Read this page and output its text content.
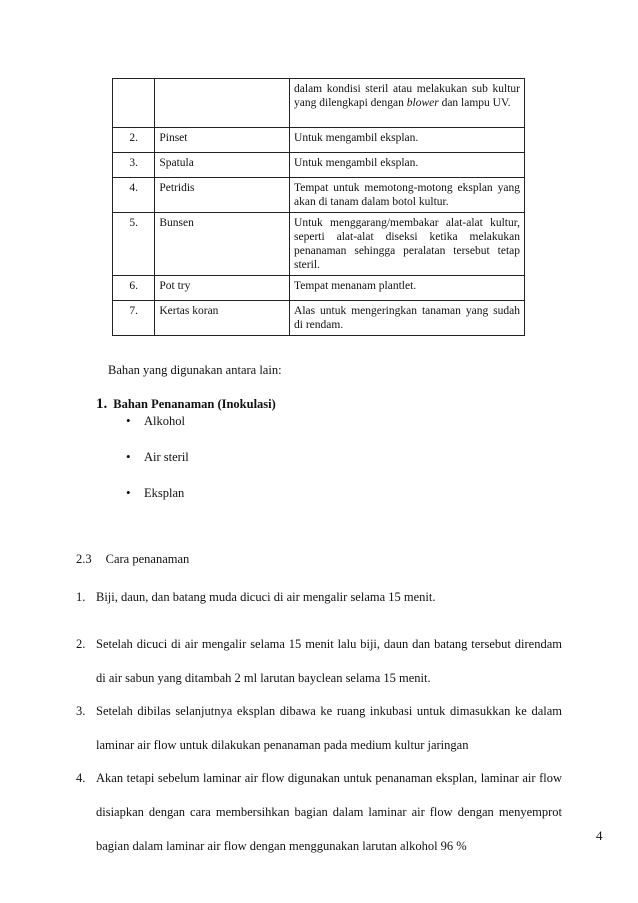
		dalam kondisi steril atau melakukan sub kultur yang dilengkapi dengan blower dan lampu UV.
2.	Pinset	Untuk mengambil eksplan.
3.	Spatula	Untuk mengambil eksplan.
4.	Petridis	Tempat untuk memotong-motong eksplan yang akan di tanam dalam botol kultur.
5.	Bunsen	Untuk menggarang/membakar alat-alat kultur, seperti alat-alat diseksi ketika melakukan penanaman sehingga peralatan tersebut tetap steril.
6.	Pot try	Tempat menanam plantlet.
7.	Kertas koran	Alas untuk mengeringkan tanaman yang sudah di rendam.
Bahan yang digunakan antara lain:
1. Bahan Penanaman (Inokulasi)
• Alkohol
• Air steril
• Eksplan
2.3 Cara penanaman
1. Biji, daun, dan batang muda dicuci di air mengalir selama 15 menit.
2. Setelah dicuci di air mengalir selama 15 menit lalu biji, daun dan batang tersebut direndam di air sabun yang ditambah 2 ml larutan bayclean selama 15 menit.
3. Setelah dibilas selanjutnya eksplan dibawa ke ruang inkubasi untuk dimasukkan ke dalam laminar air flow untuk dilakukan penanaman pada medium kultur jaringan
4. Akan tetapi sebelum laminar air flow digunakan untuk penanaman eksplan, laminar air flow disiapkan dengan cara membersihkan bagian dalam laminar air flow dengan menyemprot bagian dalam laminar air flow dengan menggunakan larutan alkohol 96 %
4
